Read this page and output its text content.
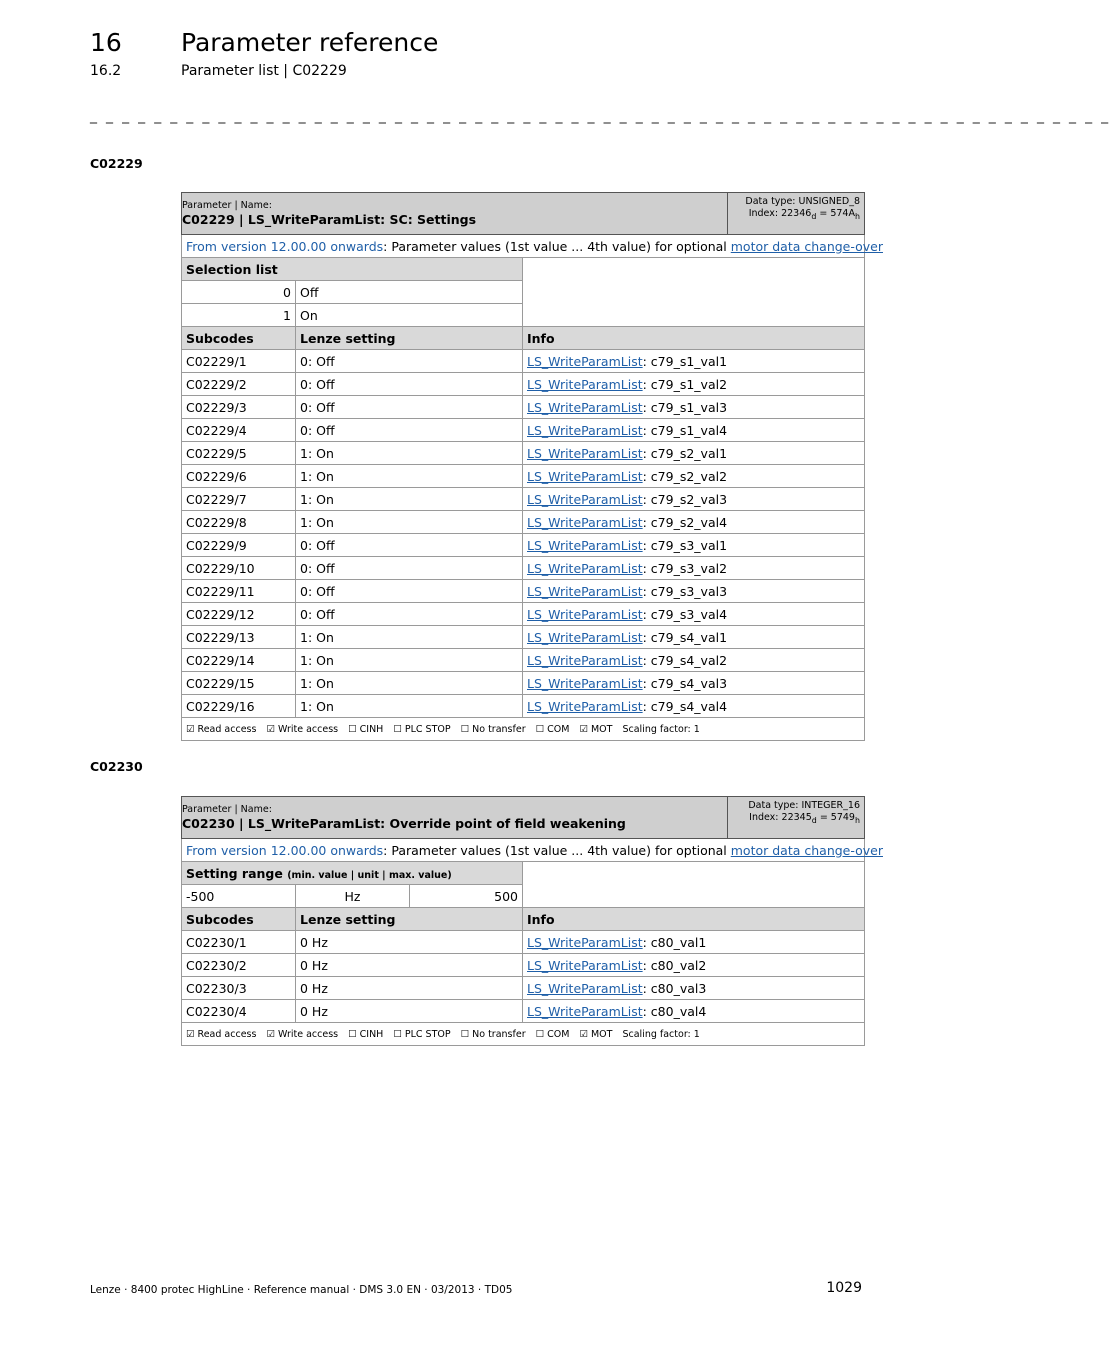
16 Parameter reference
16.2	Parameter list | C02229
_ _ _ _ _ _ _ _ _ _ _ _ _ _ _ _ _ _ _ _ _ _ _ _ _ _ _ _ _ _ _ _ _ _ _ _ _ _ _ _ _ _ _ _ _ _ _ _ _ _ _ _ _ _ _ _ _ _ _ _ _ _ _ _
C02229
Parameter | Name:
C02229 | LS_WriteParamList: SC: Settings			Data type: UNSIGNED_8
Index: $22346_d = 574A_h$
From version 12.00.00 onwards: Parameter values (1st value ... 4th value) for optional motor data change-over			
Selection list			
0	Off		
1	On		
Subcodes	Lenze setting	Info	
C02229/1	0: Off	LS_WriteParamList: c79_s1_val1	
C02229/2	0: Off	LS_WriteParamList: c79_s1_val2	
C02229/3	0: Off	LS_WriteParamList: c79_s1_val3	
C02229/4	0: Off	LS_WriteParamList: c79_s1_val4	
C02229/5	1: On	LS_WriteParamList: c79_s2_val1	
C02229/6	1: On	LS_WriteParamList: c79_s2_val2	
C02229/7	1: On	LS_WriteParamList: c79_s2_val3	
C02229/8	1: On	LS_WriteParamList: c79_s2_val4	
C02229/9	0: Off	LS_WriteParamList: c79_s3_val1	
C02229/10	0: Off	LS_WriteParamList: c79_s3_val2	
C02229/11	0: Off	LS_WriteParamList: c79_s3_val3	
C02229/12	0: Off	LS_WriteParamList: c79_s3_val4	
C02229/13	1: On	LS_WriteParamList: c79_s4_val1	
C02229/14	1: On	LS_WriteParamList: c79_s4_val2	
C02229/15	1: On	LS_WriteParamList: c79_s4_val3	
C02229/16	1: On	LS_WriteParamList: c79_s4_val4	
☑ Read access ☑ Write access ☐ CINH ☐ PLC STOP ☐ No transfer ☐ COM ☑ MOT Scaling factor: 1			
C02230
Parameter | Name:
C02230 | LS_WriteParamList: Override point of field weakening				Data type: INTEGER_16
Index: $22345_d = 5749_h$
From version 12.00.00 onwards: Parameter values (1st value ... 4th value) for optional motor data change-over				
Setting range (min. value | unit | max. value)				
-500	Hz	500		
Subcodes	Lenze setting		Info	
C02230/1	0 Hz		LS_WriteParamList: c80_val1	
C02230/2	0 Hz		LS_WriteParamList: c80_val2	
C02230/3	0 Hz		LS_WriteParamList: c80_val3	
C02230/4	0 Hz		LS_WriteParamList: c80_val4	
☑ Read access ☑ Write access ☐ CINH ☐ PLC STOP ☐ No transfer ☐ COM ☑ MOT Scaling factor: 1				
Lenze · 8400 protec HighLine · Reference manual · DMS 3.0 EN · 03/2013 · TD05	1029
